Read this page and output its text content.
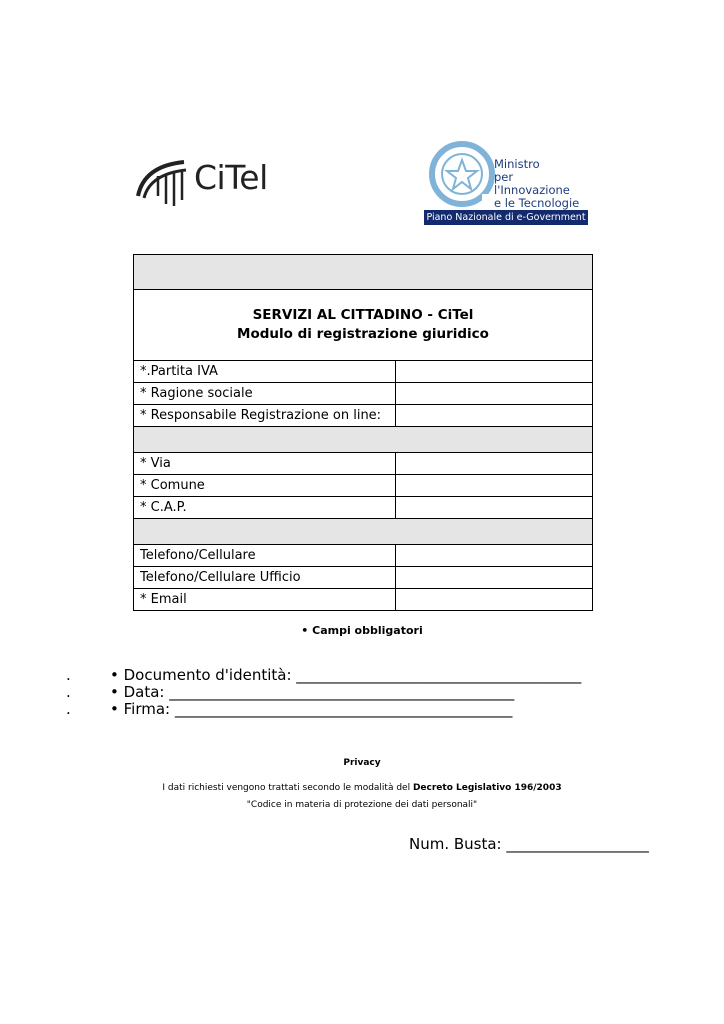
CiTel	Ministro
per l'Innovazione
e le Tecnologie
Piano Nazionale di e-Government
SERVIZI AL CITTADINO - CiTel
Modulo di registrazione giuridico
*.Partita IVA
* Ragione sociale
* Responsabile Registrazione on line:
* Via
* Comune
* C.A.P.
Telefono/Cellulare
Telefono/Cellulare Ufficio
* Email
• Campi obbligatori
.	• Documento d'identità: ______________________________________
.	• Data: ______________________________________________
.	• Firma: _____________________________________________
Privacy
I dati richiesti vengono trattati secondo le modalità del Decreto Legislativo 196/2003
"Codice in materia di protezione dei dati personali"
Num. Busta: ___________________
